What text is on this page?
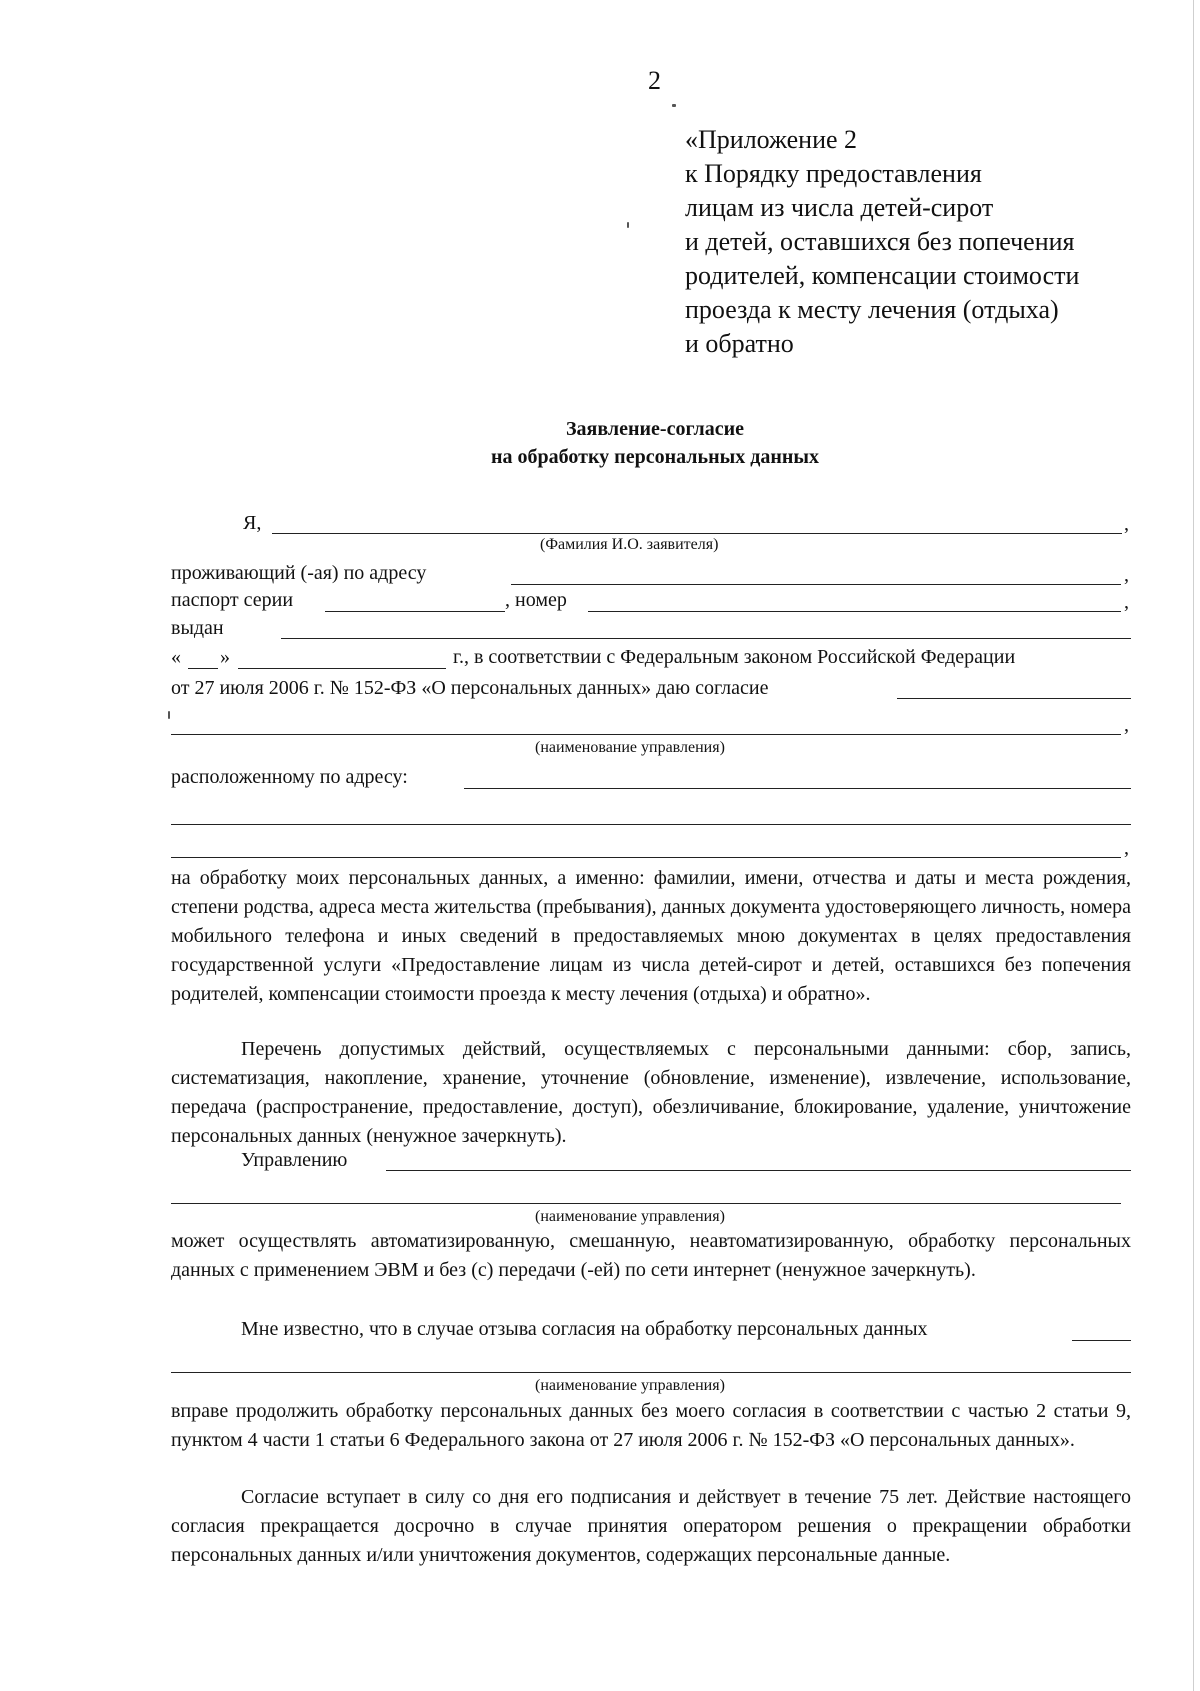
2
«Приложение 2
к Порядку предоставления
лицам из числа детей-сирот
и детей, оставшихся без попечения
родителей, компенсации стоимости
проезда к месту лечения (отдыха)
и обратно
Заявление-согласие
на обработку персональных данных
Я,	,
(Фамилия И.О. заявителя)
проживающий (-ая) по адресу	,
паспорт серии	, номер	,
выдан
« »	г., в соответствии с Федеральным законом Российской Федерации
от 27 июля 2006 г. № 152-ФЗ «О персональных данных» даю согласие
,
(наименование управления)
расположенному по адресу:
,
на обработку моих персональных данных, а именно: фамилии, имени, отчества и даты и места рождения, степени родства, адреса места жительства (пребывания), данных документа удостоверяющего личность, номера мобильного телефона и иных сведений в предоставляемых мною документах в целях предоставления государственной услуги «Предоставление лицам из числа детей-сирот и детей, оставшихся без попечения родителей, компенсации стоимости проезда к месту лечения (отдыха) и обратно».
Перечень допустимых действий, осуществляемых с персональными данными: сбор, запись, систематизация, накопление, хранение, уточнение (обновление, изменение), извлечение, использование, передача (распространение, предоставление, доступ), обезличивание, блокирование, удаление, уничтожение персональных данных (ненужное зачеркнуть).
Управлению
(наименование управления)
может осуществлять автоматизированную, смешанную, неавтоматизированную, обработку персональных данных с применением ЭВМ и без (с) передачи (-ей) по сети интернет (ненужное зачеркнуть).
Мне известно, что в случае отзыва согласия на обработку персональных данных
(наименование управления)
вправе продолжить обработку персональных данных без моего согласия в соответствии с частью 2 статьи 9, пунктом 4 части 1 статьи 6 Федерального закона от 27 июля 2006 г. № 152-ФЗ «О персональных данных».
Согласие вступает в силу со дня его подписания и действует в течение 75 лет. Действие настоящего согласия прекращается досрочно в случае принятия оператором решения о прекращении обработки персональных данных и/или уничтожения документов, содержащих персональные данные.
